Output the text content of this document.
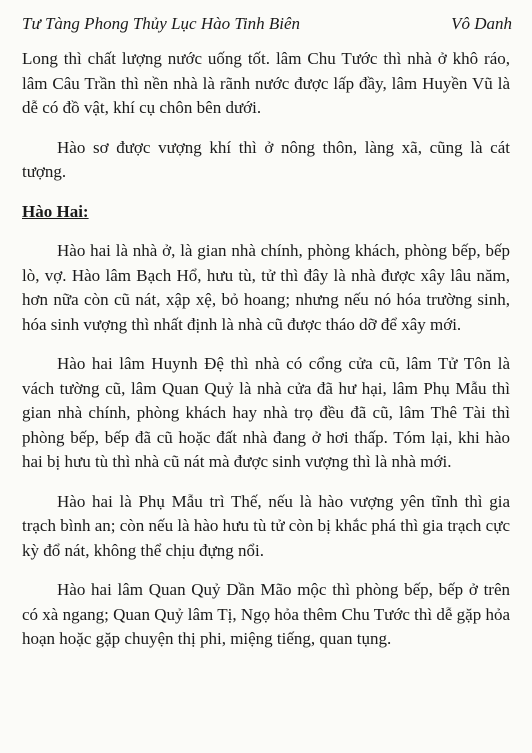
Tư Tàng Phong Thủy Lục Hào Tinh Biên	Vô Danh

Long thì chất lượng nước uống tốt. lâm Chu Tước thì nhà ở khô ráo, lâm Câu Trần thì nền nhà là rãnh nước được lấp đầy, lâm Huyền Vũ là dễ có đồ vật, khí cụ chôn bên dưới.

Hào sơ được vượng khí thì ở nông thôn, làng xã, cũng là cát tượng.

Hào Hai:

Hào hai là nhà ở, là gian nhà chính, phòng khách, phòng bếp, bếp lò, vợ. Hào lâm Bạch Hổ, hưu tù, tử thì đây là nhà được xây lâu năm, hơn nữa còn cũ nát, xập xệ, bỏ hoang; nhưng nếu nó hóa trường sinh, hóa sinh vượng thì nhất định là nhà cũ được tháo dỡ để xây mới.

Hào hai lâm Huynh Đệ thì nhà có cổng cửa cũ, lâm Tử Tôn là vách tường cũ, lâm Quan Quỷ là nhà cửa đã hư hại, lâm Phụ Mẫu thì gian nhà chính, phòng khách hay nhà trọ đều đã cũ, lâm Thê Tài thì phòng bếp, bếp đã cũ hoặc đất nhà đang ở hơi thấp. Tóm lại, khi hào hai bị hưu tù thì nhà cũ nát mà được sinh vượng thì là nhà mới.

Hào hai là Phụ Mẫu trì Thế, nếu là hào vượng yên tĩnh thì gia trạch bình an; còn nếu là hào hưu tù tử còn bị khắc phá thì gia trạch cực kỳ đổ nát, không thể chịu đựng nổi.

Hào hai lâm Quan Quỷ Dần Mão mộc thì phòng bếp, bếp ở trên có xà ngang; Quan Quỷ lâm Tị, Ngọ hỏa thêm Chu Tước thì dễ gặp hỏa hoạn hoặc gặp chuyện thị phi, miệng tiếng, quan tụng.
